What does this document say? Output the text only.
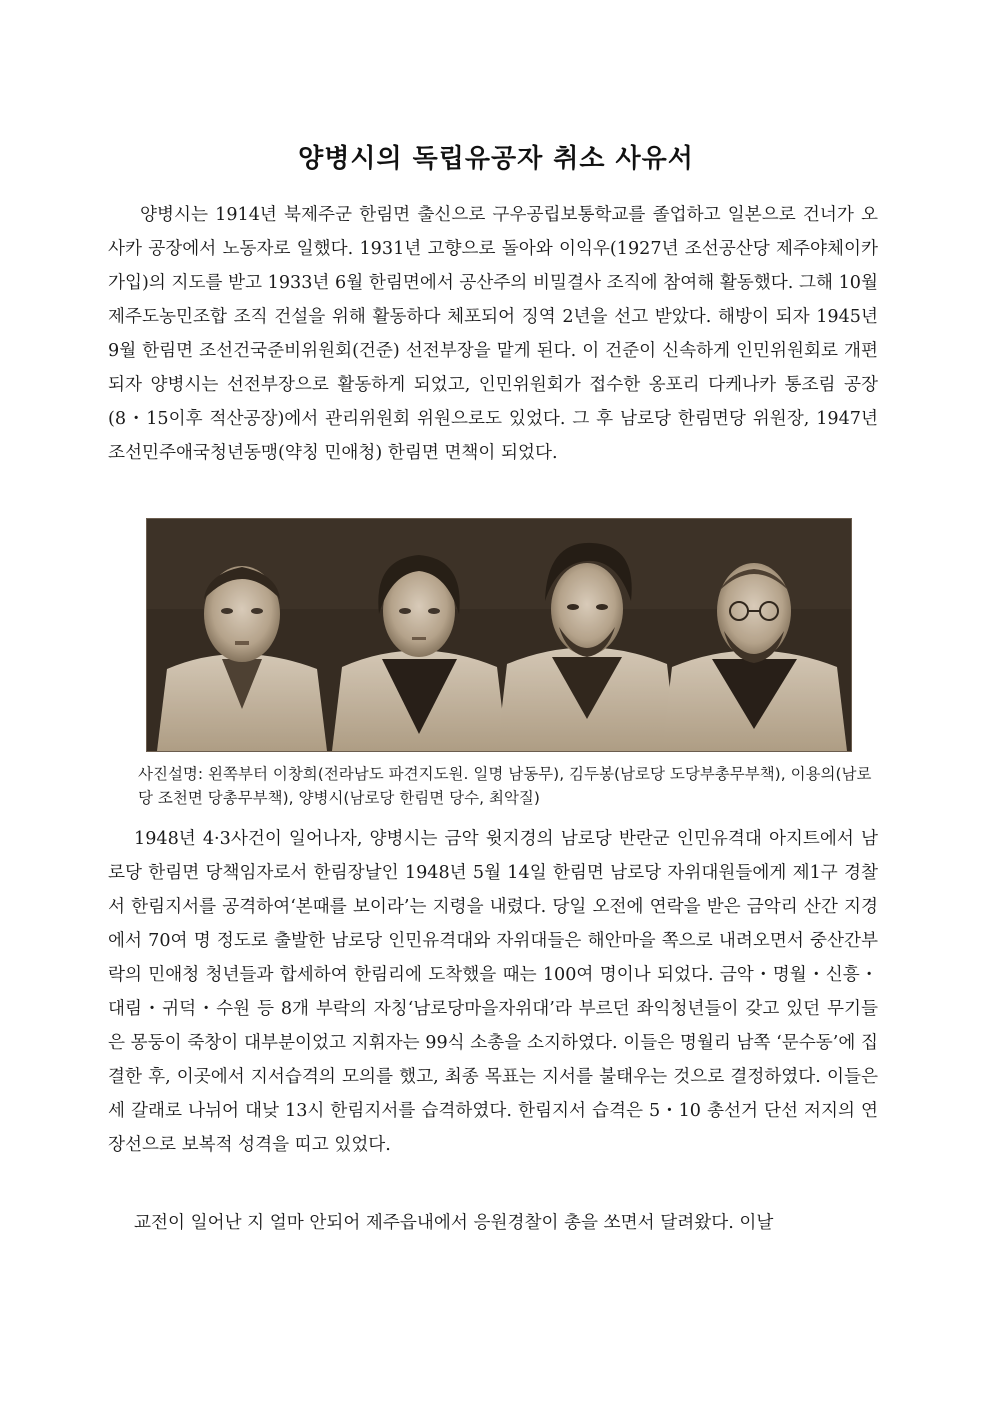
양병시의 독립유공자 취소 사유서

양병시는 1914년 북제주군 한림면 출신으로 구우공립보통학교를 졸업하고 일본으로 건너가 오사카 공장에서 노동자로 일했다. 1931년 고향으로 돌아와 이익우(1927년 조선공산당 제주야체이카 가입)의 지도를 받고 1933년 6월 한림면에서 공산주의 비밀결사 조직에 참여해 활동했다. 그해 10월 제주도농민조합 조직 건설을 위해 활동하다 체포되어 징역 2년을 선고 받았다. 해방이 되자 1945년 9월 한림면 조선건국준비위원회(건준) 선전부장을 맡게 된다. 이 건준이 신속하게 인민위원회로 개편되자 양병시는 선전부장으로 활동하게 되었고, 인민위원회가 접수한 옹포리 다케나카 통조림 공장(8・15이후 적산공장)에서 관리위원회 위원으로도 있었다. 그 후 남로당 한림면당 위원장, 1947년 조선민주애국청년동맹(약칭 민애청) 한림면 면책이 되었다.

사진설명: 왼쪽부터 이창희(전라남도 파견지도원. 일명 남동무), 김두봉(남로당 도당부총무부책), 이용의(남로당 조천면 당총무부책), 양병시(남로당 한림면 당수, 최악질)

1948년 4·3사건이 일어나자, 양병시는 금악 윗지경의 남로당 반란군 인민유격대 아지트에서 남로당 한림면 당책임자로서 한림장날인 1948년 5월 14일 한림면 남로당 자위대원들에게 제1구 경찰서 한림지서를 공격하여‘본때를 보이라’는 지령을 내렸다. 당일 오전에 연락을 받은 금악리 산간 지경에서 70여 명 정도로 출발한 남로당 인민유격대와 자위대들은 해안마을 쪽으로 내려오면서 중산간부락의 민애청 청년들과 합세하여 한림리에 도착했을 때는 100여 명이나 되었다. 금악・명월・신흥・대림・귀덕・수원 등 8개 부락의 자칭‘남로당마을자위대’라 부르던 좌익청년들이 갖고 있던 무기들은 몽둥이 죽창이 대부분이었고 지휘자는 99식 소총을 소지하였다. 이들은 명월리 남쪽 ‘문수동’에 집결한 후, 이곳에서 지서습격의 모의를 했고, 최종 목표는 지서를 불태우는 것으로 결정하였다. 이들은 세 갈래로 나뉘어 대낮 13시 한림지서를 습격하였다. 한림지서 습격은 5・10 총선거 단선 저지의 연장선으로 보복적 성격을 띠고 있었다.

교전이 일어난 지 얼마 안되어 제주읍내에서 응원경찰이 총을 쏘면서 달려왔다. 이날
